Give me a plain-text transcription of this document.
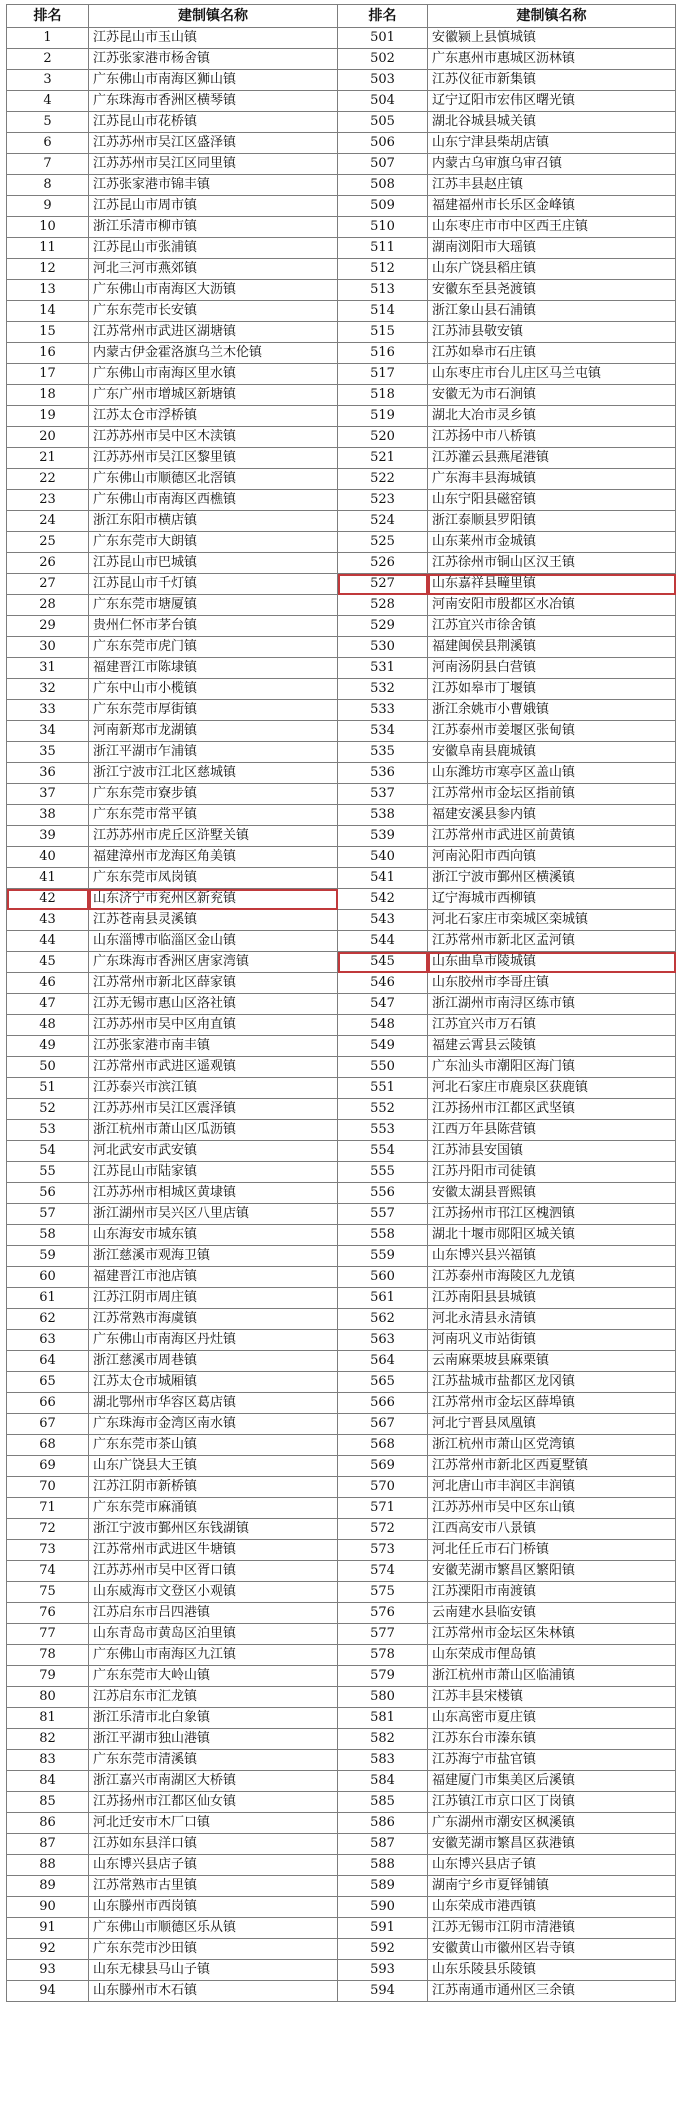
排名	建制镇名称	排名	建制镇名称
1	江苏昆山市玉山镇	501	安徽颍上县慎城镇
2	江苏张家港市杨舍镇	502	广东惠州市惠城区沥林镇
3	广东佛山市南海区狮山镇	503	江苏仪征市新集镇
4	广东珠海市香洲区横琴镇	504	辽宁辽阳市宏伟区曙光镇
5	江苏昆山市花桥镇	505	湖北谷城县城关镇
6	江苏苏州市吴江区盛泽镇	506	山东宁津县柴胡店镇
7	江苏苏州市吴江区同里镇	507	内蒙古乌审旗乌审召镇
8	江苏张家港市锦丰镇	508	江苏丰县赵庄镇
9	江苏昆山市周市镇	509	福建福州市长乐区金峰镇
10	浙江乐清市柳市镇	510	山东枣庄市市中区西王庄镇
11	江苏昆山市张浦镇	511	湖南浏阳市大瑶镇
12	河北三河市燕郊镇	512	山东广饶县稻庄镇
13	广东佛山市南海区大沥镇	513	安徽东至县尧渡镇
14	广东东莞市长安镇	514	浙江象山县石浦镇
15	江苏常州市武进区湖塘镇	515	江苏沛县敬安镇
16	内蒙古伊金霍洛旗乌兰木伦镇	516	江苏如皋市石庄镇
17	广东佛山市南海区里水镇	517	山东枣庄市台儿庄区马兰屯镇
18	广东广州市增城区新塘镇	518	安徽无为市石涧镇
19	江苏太仓市浮桥镇	519	湖北大冶市灵乡镇
20	江苏苏州市吴中区木渎镇	520	江苏扬中市八桥镇
21	江苏苏州市吴江区黎里镇	521	江苏灌云县燕尾港镇
22	广东佛山市顺德区北滘镇	522	广东海丰县海城镇
23	广东佛山市南海区西樵镇	523	山东宁阳县磁窑镇
24	浙江东阳市横店镇	524	浙江泰顺县罗阳镇
25	广东东莞市大朗镇	525	山东莱州市金城镇
26	江苏昆山市巴城镇	526	江苏徐州市铜山区汉王镇
27	江苏昆山市千灯镇	527	山东嘉祥县疃里镇
28	广东东莞市塘厦镇	528	河南安阳市殷都区水冶镇
29	贵州仁怀市茅台镇	529	江苏宜兴市徐舍镇
30	广东东莞市虎门镇	530	福建闽侯县荆溪镇
31	福建晋江市陈埭镇	531	河南汤阴县白营镇
32	广东中山市小榄镇	532	江苏如皋市丁堰镇
33	广东东莞市厚街镇	533	浙江余姚市小曹娥镇
34	河南新郑市龙湖镇	534	江苏泰州市姜堰区张甸镇
35	浙江平湖市乍浦镇	535	安徽阜南县鹿城镇
36	浙江宁波市江北区慈城镇	536	山东潍坊市寒亭区盖山镇
37	广东东莞市寮步镇	537	江苏常州市金坛区指前镇
38	广东东莞市常平镇	538	福建安溪县参内镇
39	江苏苏州市虎丘区浒墅关镇	539	江苏常州市武进区前黄镇
40	福建漳州市龙海区角美镇	540	河南沁阳市西向镇
41	广东东莞市凤岗镇	541	浙江宁波市鄞州区横溪镇
42	山东济宁市兖州区新兖镇	542	辽宁海城市西柳镇
43	江苏苍南县灵溪镇	543	河北石家庄市栾城区栾城镇
44	山东淄博市临淄区金山镇	544	江苏常州市新北区孟河镇
45	广东珠海市香洲区唐家湾镇	545	山东曲阜市陵城镇
46	江苏常州市新北区薛家镇	546	山东胶州市李哥庄镇
47	江苏无锡市惠山区洛社镇	547	浙江湖州市南浔区练市镇
48	江苏苏州市吴中区甪直镇	548	江苏宜兴市万石镇
49	江苏张家港市南丰镇	549	福建云霄县云陵镇
50	江苏常州市武进区遥观镇	550	广东汕头市潮阳区海门镇
51	江苏泰兴市滨江镇	551	河北石家庄市鹿泉区获鹿镇
52	江苏苏州市吴江区震泽镇	552	江苏扬州市江都区武坚镇
53	浙江杭州市萧山区瓜沥镇	553	江西万年县陈营镇
54	河北武安市武安镇	554	江苏沛县安国镇
55	江苏昆山市陆家镇	555	江苏丹阳市司徒镇
56	江苏苏州市相城区黄埭镇	556	安徽太湖县晋熙镇
57	浙江湖州市吴兴区八里店镇	557	江苏扬州市邗江区槐泗镇
58	山东海安市城东镇	558	湖北十堰市郧阳区城关镇
59	浙江慈溪市观海卫镇	559	山东博兴县兴福镇
60	福建晋江市池店镇	560	江苏泰州市海陵区九龙镇
61	江苏江阴市周庄镇	561	江苏南阳县县城镇
62	江苏常熟市海虞镇	562	河北永清县永清镇
63	广东佛山市南海区丹灶镇	563	河南巩义市站街镇
64	浙江慈溪市周巷镇	564	云南麻栗坡县麻栗镇
65	江苏太仓市城厢镇	565	江苏盐城市盐都区龙冈镇
66	湖北鄂州市华容区葛店镇	566	江苏常州市金坛区薛埠镇
67	广东珠海市金湾区南水镇	567	河北宁晋县凤凰镇
68	广东东莞市茶山镇	568	浙江杭州市萧山区党湾镇
69	山东广饶县大王镇	569	江苏常州市新北区西夏墅镇
70	江苏江阴市新桥镇	570	河北唐山市丰润区丰润镇
71	广东东莞市麻涌镇	571	江苏苏州市吴中区东山镇
72	浙江宁波市鄞州区东钱湖镇	572	江西高安市八景镇
73	江苏常州市武进区牛塘镇	573	河北任丘市石门桥镇
74	江苏苏州市吴中区胥口镇	574	安徽芜湖市繁昌区繁阳镇
75	山东威海市文登区小观镇	575	江苏溧阳市南渡镇
76	江苏启东市吕四港镇	576	云南建水县临安镇
77	山东青岛市黄岛区泊里镇	577	江苏常州市金坛区朱林镇
78	广东佛山市南海区九江镇	578	山东荣成市俚岛镇
79	广东东莞市大岭山镇	579	浙江杭州市萧山区临浦镇
80	江苏启东市汇龙镇	580	江苏丰县宋楼镇
81	浙江乐清市北白象镇	581	山东高密市夏庄镇
82	浙江平湖市独山港镇	582	江苏东台市溱东镇
83	广东东莞市清溪镇	583	江苏海宁市盐官镇
84	浙江嘉兴市南湖区大桥镇	584	福建厦门市集美区后溪镇
85	江苏扬州市江都区仙女镇	585	江苏镇江市京口区丁岗镇
86	河北迁安市木厂口镇	586	广东湖州市潮安区枫溪镇
87	江苏如东县洋口镇	587	安徽芜湖市繁昌区荻港镇
88	山东博兴县店子镇	588	山东博兴县店子镇
89	江苏常熟市古里镇	589	湖南宁乡市夏铎铺镇
90	山东滕州市西岗镇	590	山东荣成市港西镇
91	广东佛山市顺德区乐从镇	591	江苏无锡市江阴市清港镇
92	广东东莞市沙田镇	592	安徽黄山市徽州区岩寺镇
93	山东无棣县马山子镇	593	山东乐陵县乐陵镇
94	山东滕州市木石镇	594	江苏南通市通州区三余镇
